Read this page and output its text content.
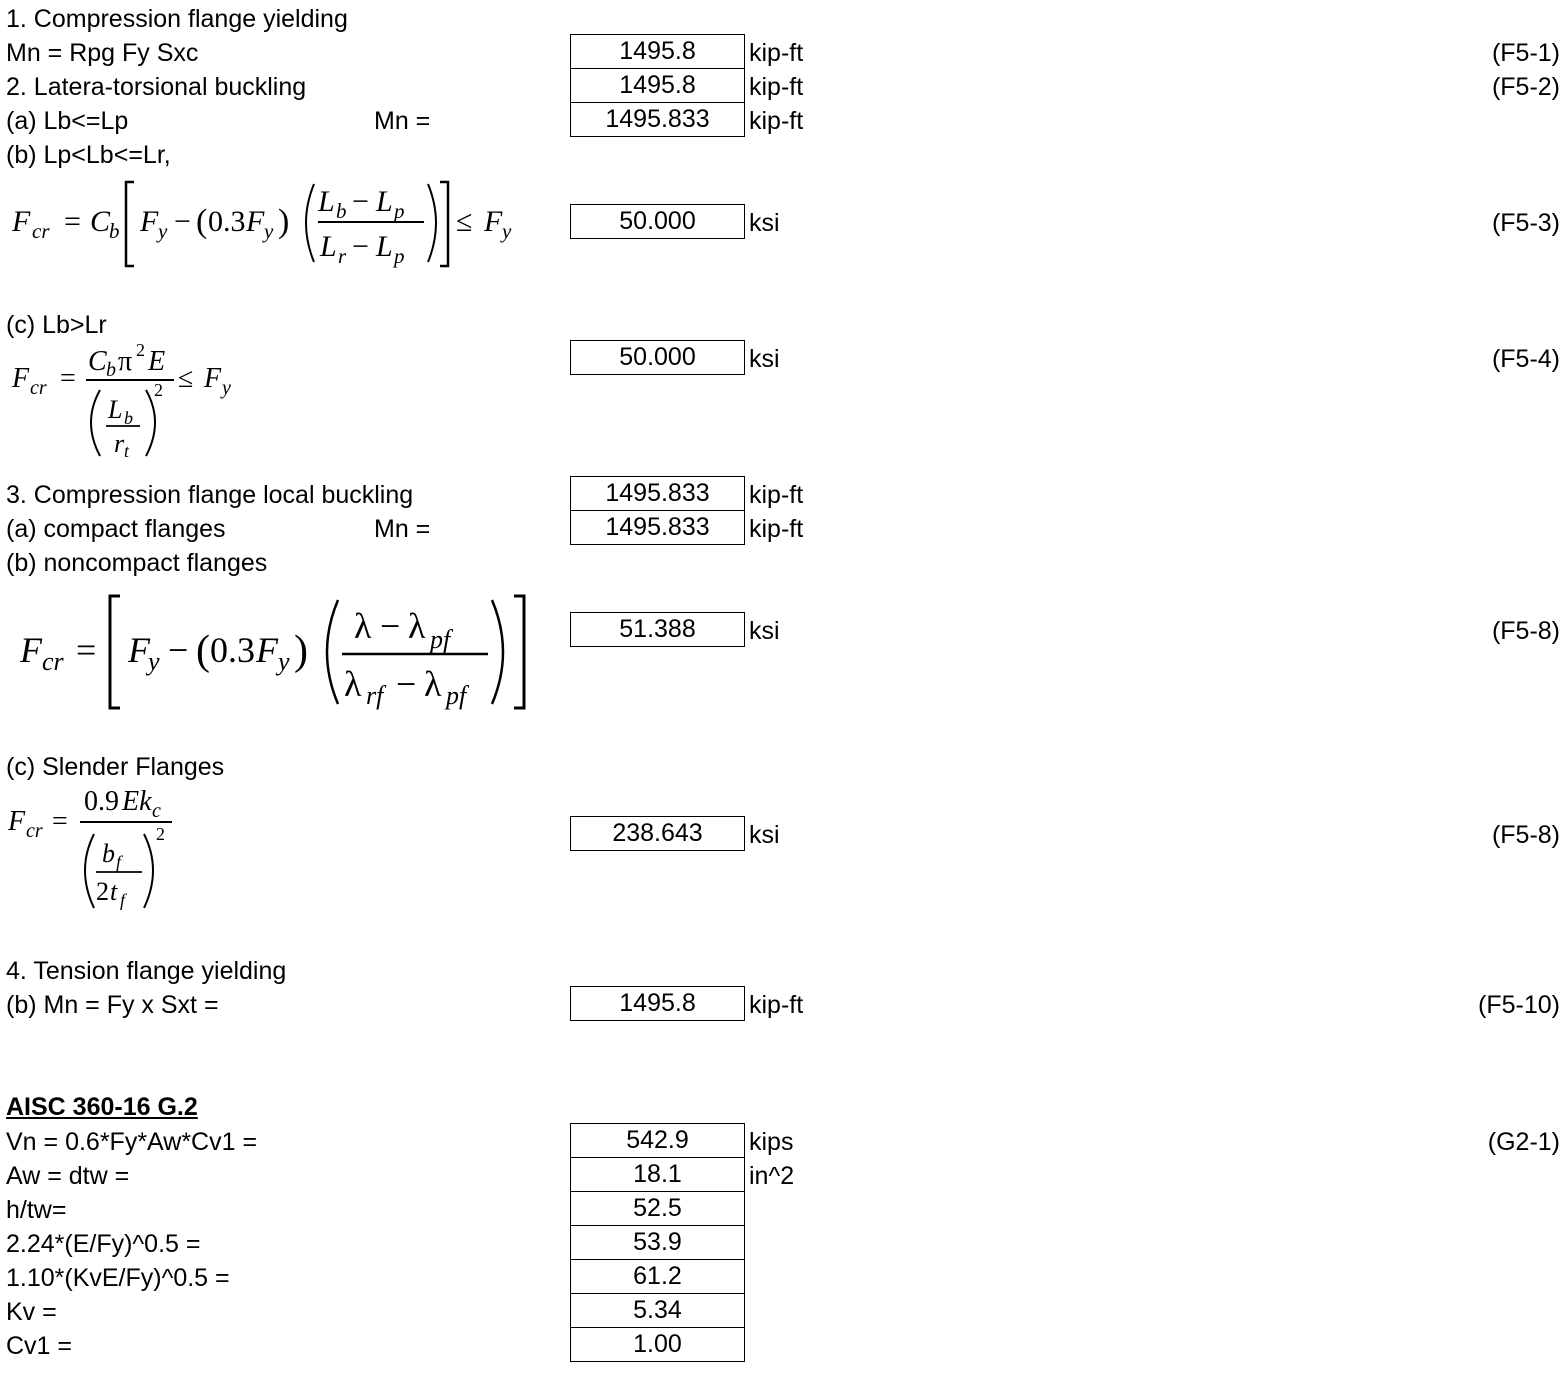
1. Compression flange yielding
Mn = Rpg Fy Sxc	1495.8	kip-ft	(F5-1)
2. Latera-torsional buckling	1495.8	kip-ft	(F5-2)
(a) Lb<=Lp	Mn =	1495.833	kip-ft
(b) Lp<Lb<=Lr,
F cr = C
b F y − ( 0.3 F y )
L b − L p
L r − L p
≤ F y	50.000	ksi	(F5-3)
(c) Lb>Lr
F cr =
C b π 2 E
L b
r t
2 ≤ F y
50.000	ksi	(F5-4)
3. Compression flange local buckling	1495.833	kip-ft
(a) compact flanges	Mn =	1495.833	kip-ft
(b) noncompact flanges
F cr = F
y − ( 0.3 F y )
λ − λ pf
λ rf − λ pf
51.388	ksi	(F5-8)
(c) Slender Flanges
F cr =
0.9 Ek c
b f
2 t f
2	238.643	ksi	(F5-8)
4. Tension flange yielding
(b) Mn = Fy x Sxt =	1495.8	kip-ft	(F5-10)
AISC 360-16 G.2
Vn = 0.6*Fy*Aw*Cv1 =	542.9	kips	(G2-1)
Aw = dtw =	18.1	in^2
h/tw=	52.5
2.24*(E/Fy)^0.5 =	53.9
1.10*(KvE/Fy)^0.5 =	61.2
Kv =	5.34
Cv1 =	1.00
